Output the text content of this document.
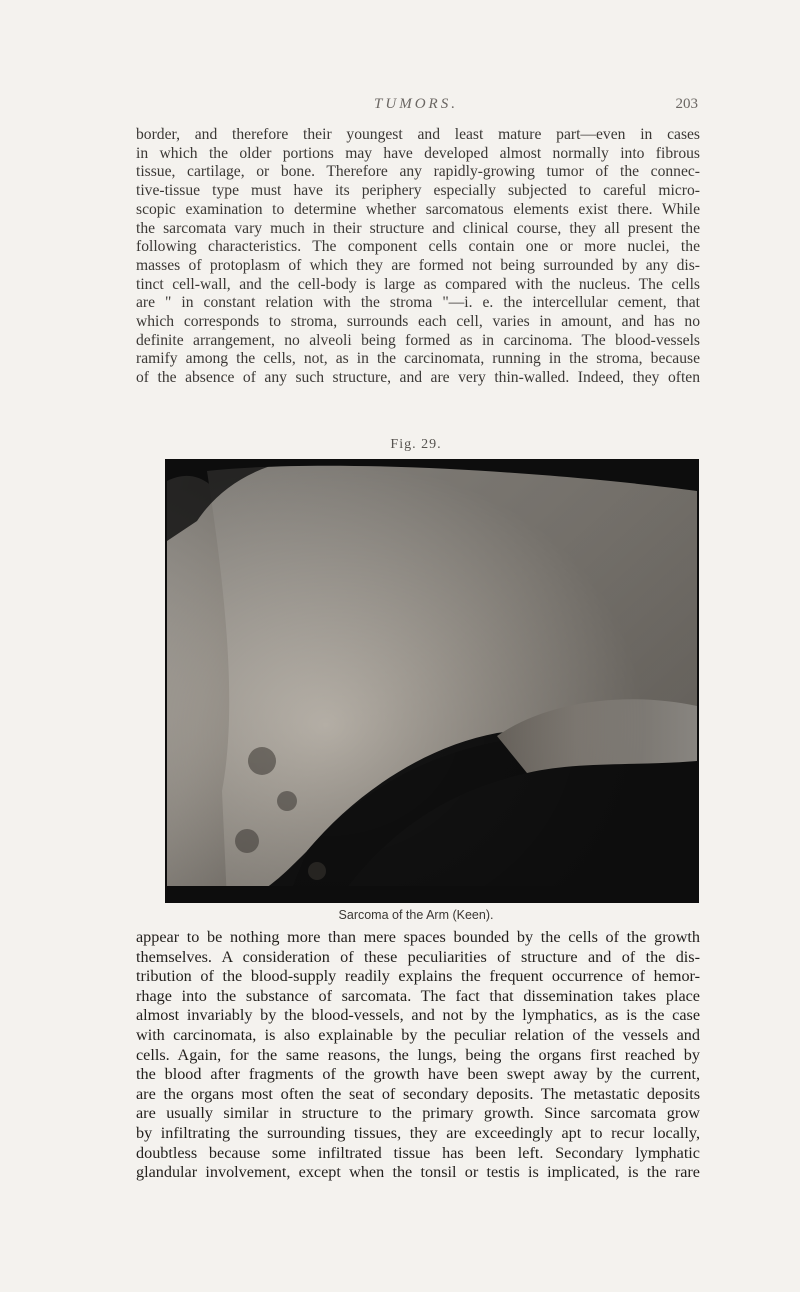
TUMORS.	203

border, and therefore their youngest and least mature part—even in cases

in which the older portions may have developed almost normally into fibrous

tissue, cartilage, or bone. Therefore any rapidly-growing tumor of the connec-

tive-tissue type must have its periphery especially subjected to careful micro-

scopic examination to determine whether sarcomatous elements exist there. While

the sarcomata vary much in their structure and clinical course, they all present the

following characteristics. The component cells contain one or more nuclei, the

masses of protoplasm of which they are formed not being surrounded by any dis-

tinct cell-wall, and the cell-body is large as compared with the nucleus. The cells

are " in constant relation with the stroma "—i. e. the intercellular cement, that

which corresponds to stroma, surrounds each cell, varies in amount, and has no

definite arrangement, no alveoli being formed as in carcinoma. The blood-vessels

ramify among the cells, not, as in the carcinomata, running in the stroma, because

of the absence of any such structure, and are very thin-walled. Indeed, they often

Fig. 29.
Sarcoma of the Arm (Keen).

appear to be nothing more than mere spaces bounded by the cells of the growth

themselves. A consideration of these peculiarities of structure and of the dis-

tribution of the blood-supply readily explains the frequent occurrence of hemor-

rhage into the substance of sarcomata. The fact that dissemination takes place

almost invariably by the blood-vessels, and not by the lymphatics, as is the case

with carcinomata, is also explainable by the peculiar relation of the vessels and

cells. Again, for the same reasons, the lungs, being the organs first reached by

the blood after fragments of the growth have been swept away by the current,

are the organs most often the seat of secondary deposits. The metastatic deposits

are usually similar in structure to the primary growth. Since sarcomata grow

by infiltrating the surrounding tissues, they are exceedingly apt to recur locally,

doubtless because some infiltrated tissue has been left. Secondary lymphatic

glandular involvement, except when the tonsil or testis is implicated, is the rare
